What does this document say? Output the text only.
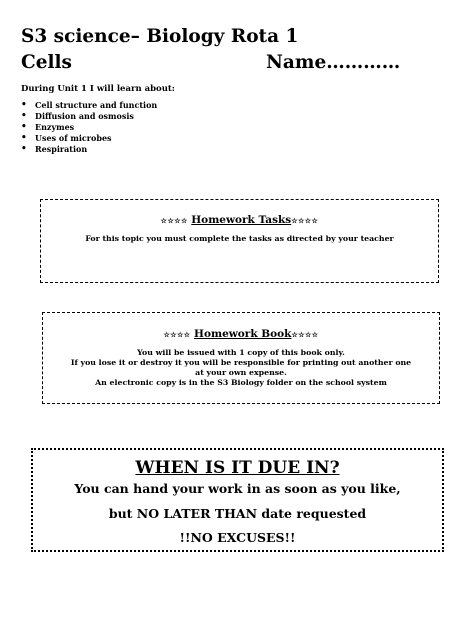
S3 science– Biology Rota 1
Cells	Name…………
During Unit 1 I will learn about:
• Cell structure and function
• Diffusion and osmosis
• Enzymes
• Uses of microbes
• Respiration
☆☆☆☆ Homework Tasks☆☆☆☆
For this topic you must complete the tasks as directed by your teacher
☆☆☆☆ Homework Book☆☆☆☆
You will be issued with 1 copy of this book only.
If you lose it or destroy it you will be responsible for printing out another one
at your own expense.
An electronic copy is in the S3 Biology folder on the school system
WHEN IS IT DUE IN?
You can hand your work in as soon as you like,
but NO LATER THAN date requested
!!NO EXCUSES!!
